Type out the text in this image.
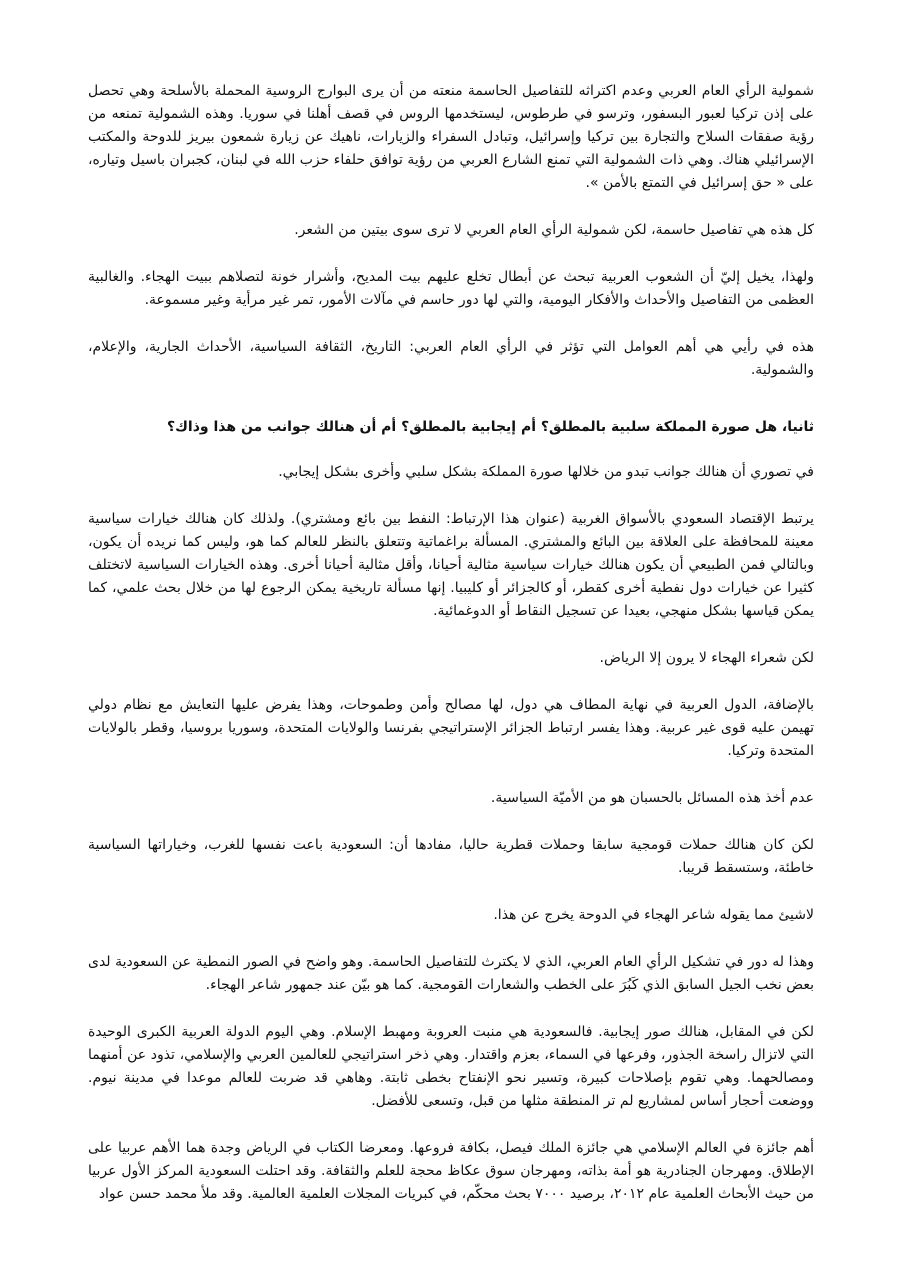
شمولية الرأي العام العربي وعدم اكتراثه للتفاصيل الحاسمة منعته من أن يرى البوارج الروسية المحملة بالأسلحة وهي تحصل على إذن تركيا لعبور البسفور، وترسو في طرطوس، ليستخدمها الروس في قصف أهلنا في سوريا. وهذه الشمولية تمنعه من رؤية صفقات السلاح والتجارة بين تركيا وإسرائيل، وتبادل السفراء والزيارات، ناهيك عن زيارة شمعون بيريز للدوحة والمكتب الإسرائيلي هناك. وهي ذات الشمولية التي تمنع الشارع العربي من رؤية توافق حلفاء حزب الله في لبنان، كجبران باسيل وتياره، على « حق إسرائيل في التمتع بالأمن ».

كل هذه هي تفاصيل حاسمة، لكن شمولية الرأي العام العربي لا ترى سوى بيتين من الشعر.

ولهذا، يخيل إليّ أن الشعوب العربية تبحث عن أبطال تخلع عليهم بيت المديح، وأشرار خونة لتصلاهم ببيت الهجاء. والغالبية العظمى من التفاصيل والأحداث والأفكار اليومية، والتي لها دور حاسم في مآلات الأمور، تمر غير مرأية وغير مسموعة.

هذه في رأيي هي أهم العوامل التي تؤثر في الرأي العام العربي: التاريخ، الثقافة السياسية، الأحداث الجارية، والإعلام، والشمولية.

ثانيا، هل صورة المملكة سلبية بالمطلق؟ أم إيجابية بالمطلق؟ أم أن هنالك جوانب من هذا وذاك؟

في تصوري أن هنالك جوانب تبدو من خلالها صورة المملكة بشكل سلبي وأخرى بشكل إيجابي.

يرتبط الإقتصاد السعودي بالأسواق الغربية (عنوان هذا الإرتباط: النفط بين بائع ومشتري). ولذلك كان هنالك خيارات سياسية معينة للمحافظة على العلاقة بين البائع والمشتري. المسألة براغماتية وتتعلق بالنظر للعالم كما هو، وليس كما نريده أن يكون، وبالتالي فمن الطبيعي أن يكون هنالك خيارات سياسية مثالية أحيانا، وأقل مثالية أحيانا أخرى. وهذه الخيارات السياسية لاتختلف كثيرا عن خيارات دول نفطية أخرى كقطر، أو كالجزائر أو كليبيا. إنها مسألة تاريخية يمكن الرجوع لها من خلال بحث علمي، كما يمكن قياسها بشكل منهجي، بعيدا عن تسجيل النقاط أو الدوغمائية.

لكن شعراء الهجاء لا يرون إلا الرياض.

بالإضافة، الدول العربية في نهاية المطاف هي دول، لها مصالح وأمن وطموحات، وهذا يفرض عليها التعايش مع نظام دولي تهيمن عليه قوى غير عربية. وهذا يفسر ارتباط الجزائر الإستراتيجي بفرنسا والولايات المتحدة، وسوريا بروسيا، وقطر بالولايات المتحدة وتركيا.

عدم أخذ هذه المسائل بالحسبان هو من الأميّة السياسية.

لكن كان هنالك حملات قومجية سابقا وحملات قطرية حاليا، مفادها أن: السعودية باعت نفسها للغرب، وخياراتها السياسية خاطئة، وستسقط قريبا.

لاشيئ مما يقوله شاعر الهجاء في الدوحة يخرج عن هذا.

وهذا له دور في تشكيل الرأي العام العربي، الذي لا يكترث للتفاصيل الحاسمة. وهو واضح في الصور النمطية عن السعودية لدى بعض نخب الجيل السابق الذي كَبُرَ على الخطب والشعارات القومجية. كما هو بيّن عند جمهور شاعر الهجاء.

لكن في المقابل، هنالك صور إيجابية. فالسعودية هي منبت العروبة ومهبط الإسلام. وهي اليوم الدولة العربية الكبرى الوحيدة التي لاتزال راسخة الجذور، وفرعها في السماء، بعزم واقتدار. وهي ذخر استراتيجي للعالمين العربي والإسلامي، تذود عن أمنهما ومصالحهما. وهي تقوم بإصلاحات كبيرة، وتسير نحو الإنفتاح بخطى ثابتة. وهاهي قد ضربت للعالم موعدا في مدينة نيوم. ووضعت أحجار أساس لمشاريع لم تر المنطقة مثلها من قبل، وتسعى للأفضل.

أهم جائزة في العالم الإسلامي هي جائزة الملك فيصل، بكافة فروعها. ومعرضا الكتاب في الرياض وجدة هما الأهم عربيا على الإطلاق. ومهرجان الجنادرية هو أمة بذاته، ومهرجان سوق عكاظ محجة للعلم والثقافة. وقد احتلت السعودية المركز الأول عربيا من حيث الأبحاث العلمية عام ٢٠١٢، برصيد ٧٠٠٠ بحث محكّم، في كبريات المجلات العلمية العالمية. وقد ملأ محمد حسن عواد
